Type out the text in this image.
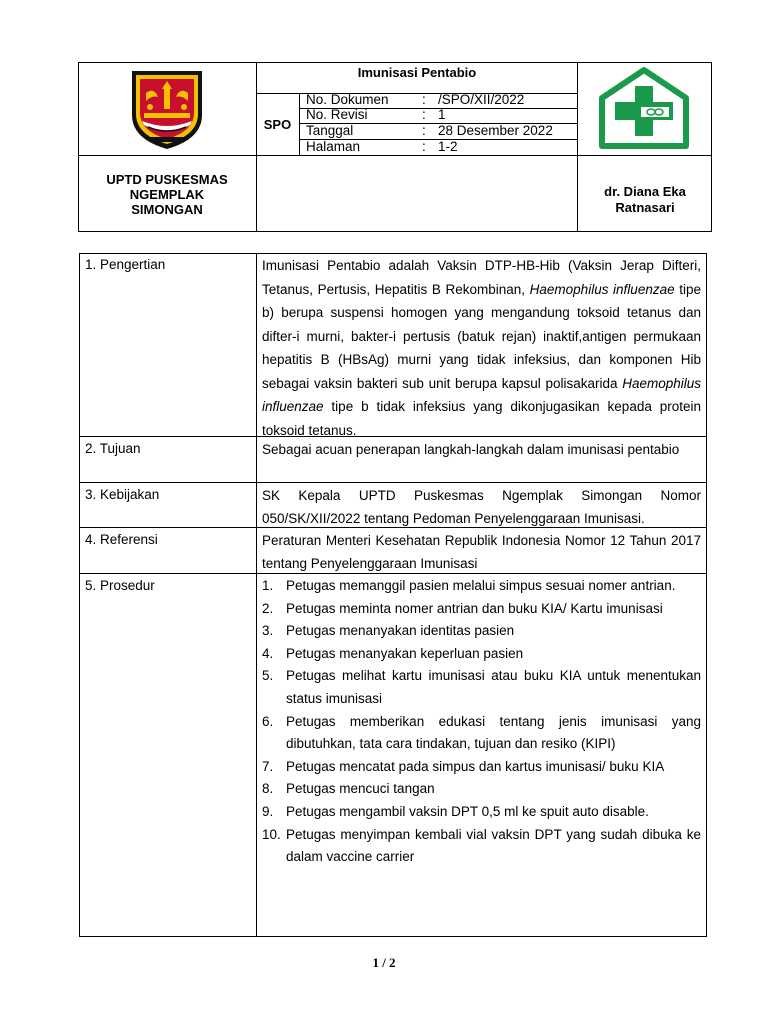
Imunisasi Pentabio
SPO
No. Dokumen : /SPO/XII/2022
No. Revisi	: 1
Tanggal	: 28 Desember 2022
Halaman	: 1-2
UPTD PUSKESMAS
NGEMPLAK
SIMONGAN
dr. Diana Eka
Ratnasari
1. Pengertian	Imunisasi Pentabio adalah Vaksin DTP-HB-Hib (Vaksin Jerap Difteri, Tetanus, Pertusis, Hepatitis B Rekombinan, Haemophilus influenzae tipe b) berupa suspensi homogen yang mengandung toksoid tetanus dan difter-i murni, bakter-i pertusis (batuk rejan) inaktif,antigen permukaan hepatitis B (HBsAg) murni yang tidak infeksius, dan komponen Hib sebagai vaksin bakteri sub unit berupa kapsul polisakarida Haemophilus influenzae tipe b tidak infeksius yang dikonjugasikan kepada protein toksoid tetanus.
2. Tujuan	Sebagai acuan penerapan langkah-langkah dalam imunisasi pentabio
3. Kebijakan	SK Kepala UPTD Puskesmas Ngemplak Simongan Nomor 050/SK/XII/2022 tentang Pedoman Penyelenggaraan Imunisasi.
4. Referensi	Peraturan Menteri Kesehatan Republik Indonesia Nomor 12 Tahun 2017 tentang Penyelenggaraan Imunisasi
5. Prosedur	1. Petugas memanggil pasien melalui simpus sesuai nomer antrian.
2. Petugas meminta nomer antrian dan buku KIA/ Kartu imunisasi
3. Petugas menanyakan identitas pasien
4. Petugas menanyakan keperluan pasien
5. Petugas melihat kartu imunisasi atau buku KIA untuk menentukan status imunisasi
6. Petugas memberikan edukasi tentang jenis imunisasi yang dibutuhkan, tata cara tindakan, tujuan dan resiko (KIPI)
7. Petugas mencatat pada simpus dan kartus imunisasi/ buku KIA
8. Petugas mencuci tangan
9. Petugas mengambil vaksin DPT 0,5 ml ke spuit auto disable.
10. Petugas menyimpan kembali vial vaksin DPT yang sudah dibuka ke dalam vaccine carrier
1 / 2
